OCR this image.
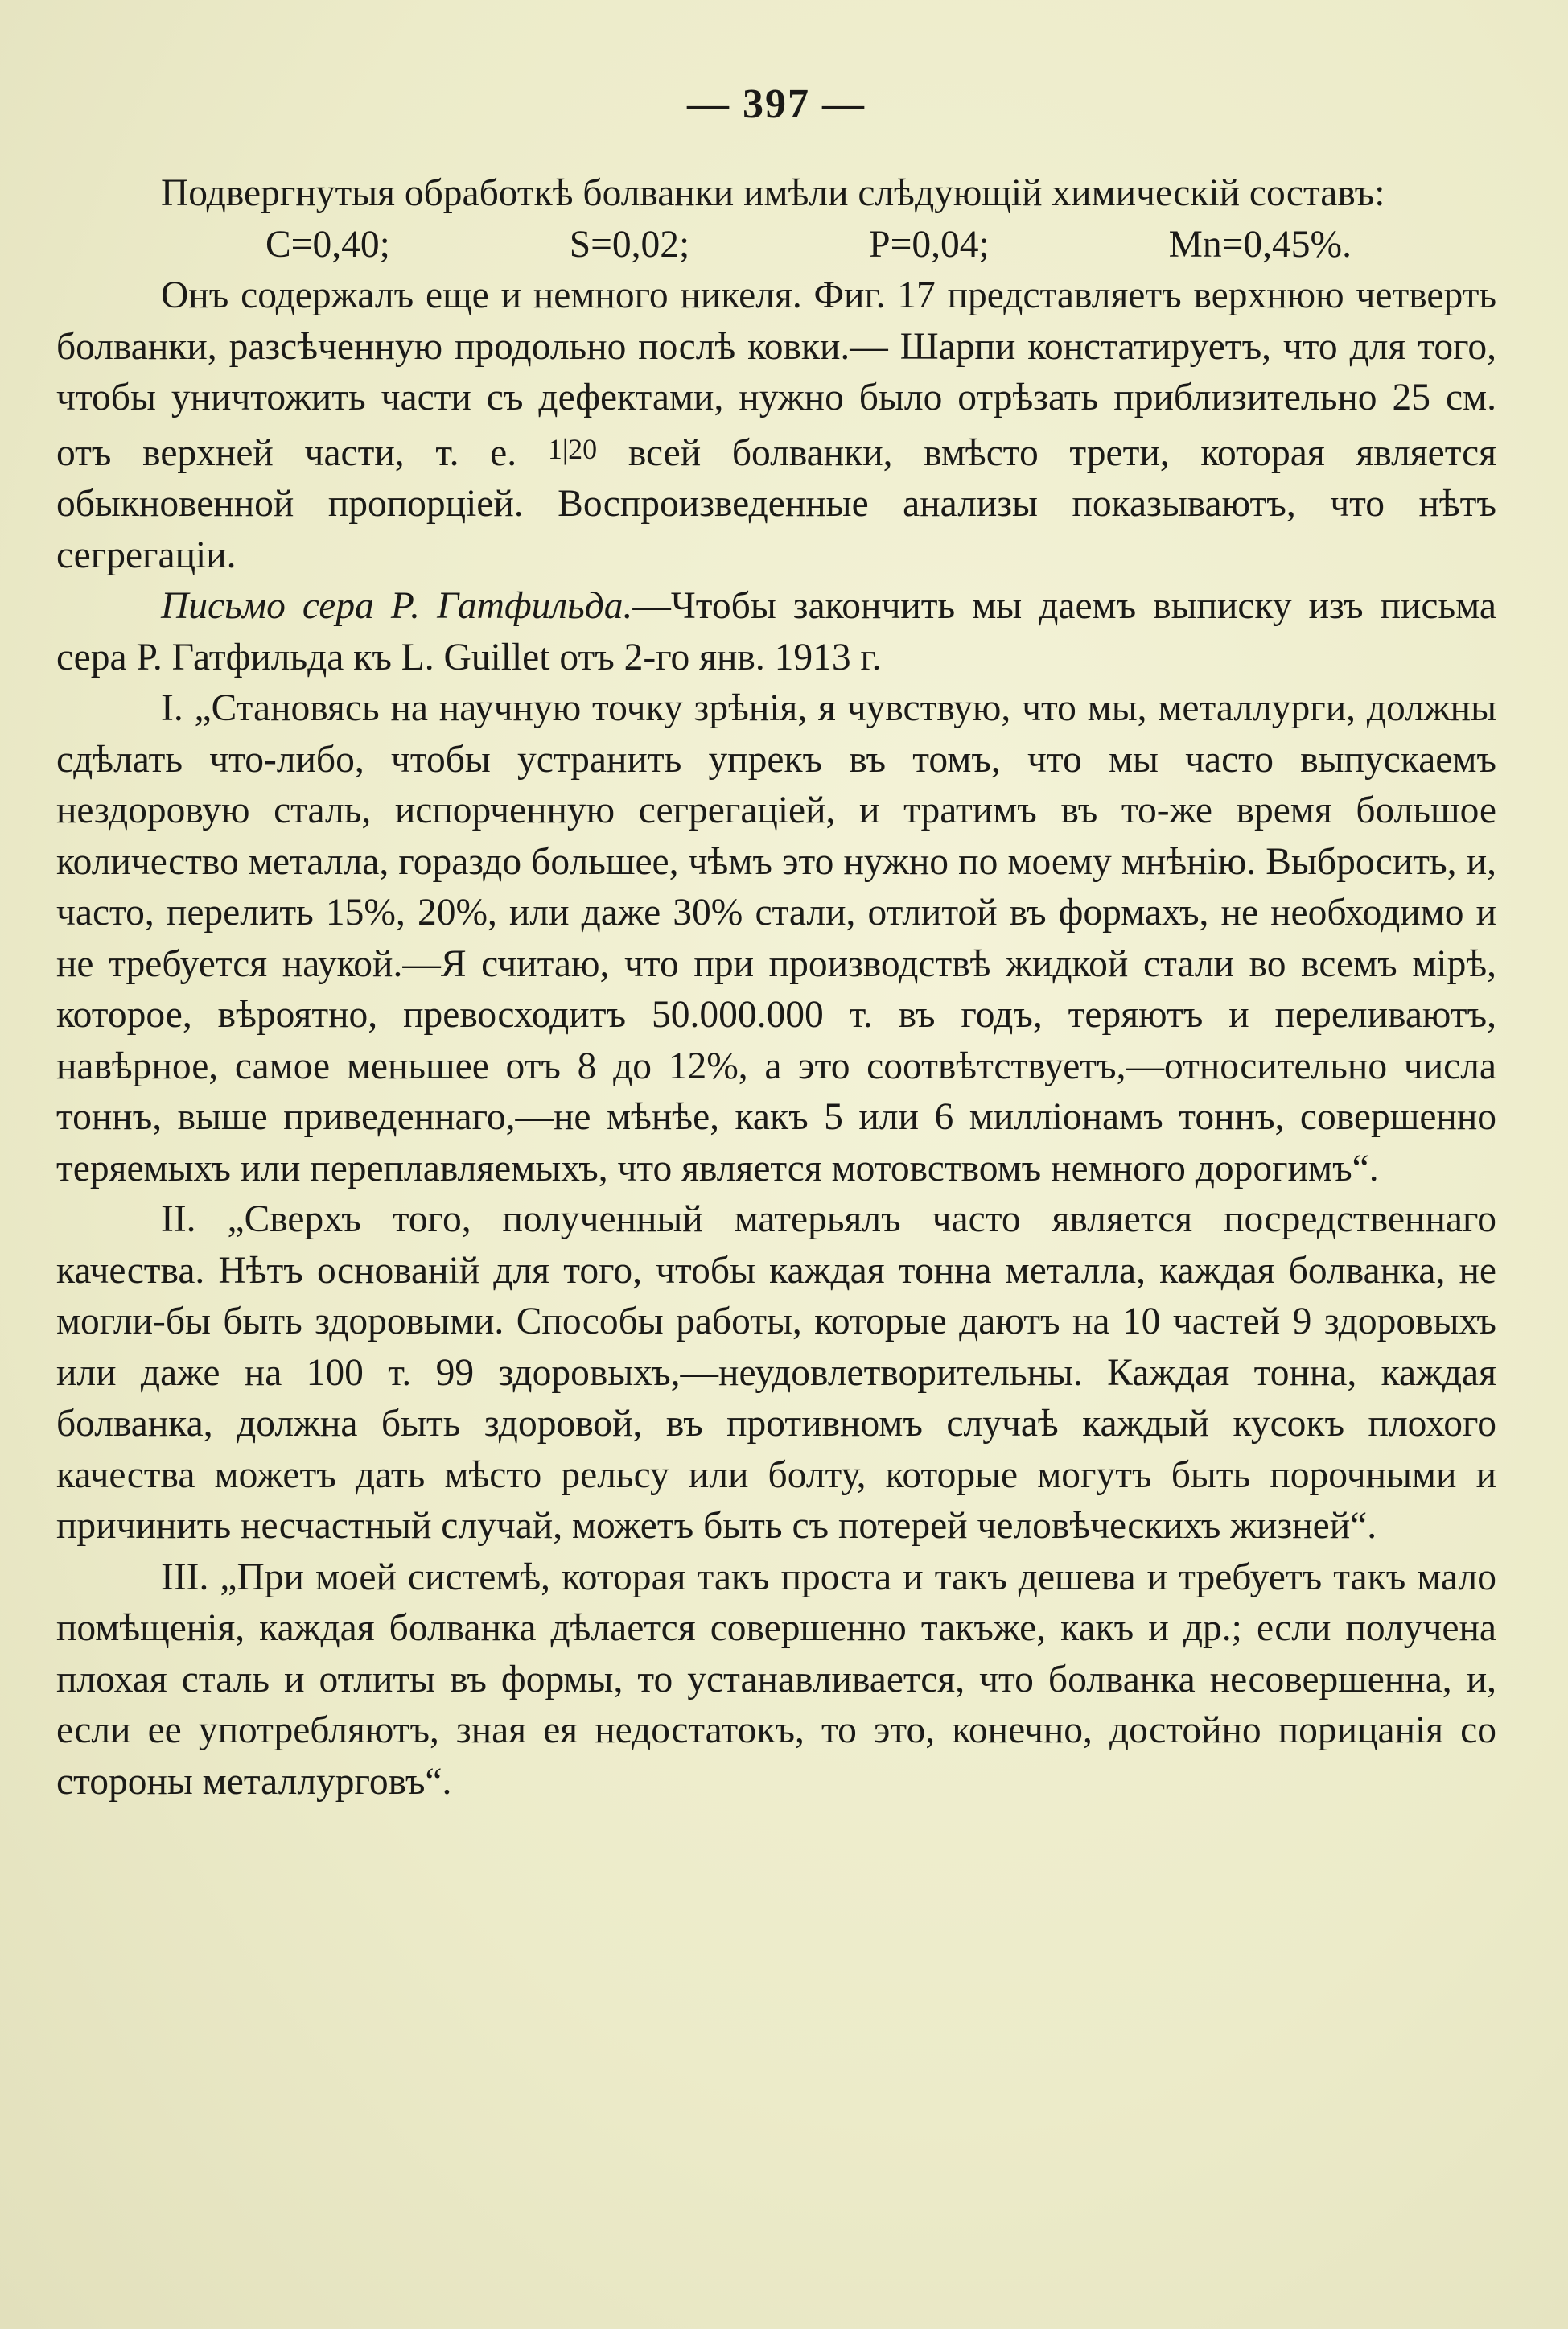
— 397 —

Подвергнутыя обработкѣ болванки имѣли слѣдующій химическій составъ:

C=0,40;	S=0,02;	P=0,04;	Mn=0,45%.

Онъ содержалъ еще и немного никеля. Фиг. 17 представляетъ верхнюю четверть болванки, разсѣченную продольно послѣ ковки.— Шарпи констатируетъ, что для того, чтобы уничтожить части съ дефектами, нужно было отрѣзать приблизительно 25 см. отъ верхней части, т. е. 1|20 всей болванки, вмѣсто трети, которая является обыкновенной пропорціей. Воспроизведенные анализы показываютъ, что нѣтъ сегрегаціи.

Письмо сера Р. Гатфильда.—Чтобы закончить мы даемъ выписку изъ письма сера Р. Гатфильда къ L. Guillet отъ 2-го янв. 1913 г.

I. „Становясь на научную точку зрѣнія, я чувствую, что мы, металлурги, должны сдѣлать что-либо, чтобы устранить упрекъ въ томъ, что мы часто выпускаемъ нездоровую сталь, испорченную сегрегаціей, и тратимъ въ то-же время большое количество металла, гораздо большее, чѣмъ это нужно по моему мнѣнію. Выбросить, и, часто, перелить 15%, 20%, или даже 30% стали, отлитой въ формахъ, не необходимо и не требуется наукой.—Я считаю, что при производствѣ жидкой стали во всемъ мірѣ, которое, вѣроятно, превосходитъ 50.000.000 т. въ годъ, теряютъ и переливаютъ, навѣрное, самое меньшее отъ 8 до 12%, а это соотвѣтствуетъ,—относительно числа тоннъ, выше приведеннаго,—не мѣнѣе, какъ 5 или 6 милліонамъ тоннъ, совершенно теряемыхъ или переплавляемыхъ, что является мотовствомъ немного дорогимъ“.

II. „Сверхъ того, полученный матерьялъ часто является посредственнаго качества. Нѣтъ основаній для того, чтобы каждая тонна металла, каждая болванка, не могли-бы быть здоровыми. Способы работы, которые даютъ на 10 частей 9 здоровыхъ или даже на 100 т. 99 здоровыхъ,—неудовлетворительны. Каждая тонна, каждая болванка, должна быть здоровой, въ противномъ случаѣ каждый кусокъ плохого качества можетъ дать мѣсто рельсу или болту, которые могутъ быть порочными и причинить несчастный случай, можетъ быть съ потерей человѣческихъ жизней“.

III. „При моей системѣ, которая такъ проста и такъ дешева и требуетъ такъ мало помѣщенія, каждая болванка дѣлается совершенно такъже, какъ и др.; если получена плохая сталь и отлиты въ формы, то устанавливается, что болванка несовершенна, и, если ее употребляютъ, зная ея недостатокъ, то это, конечно, достойно порицанія со стороны металлурговъ“.
